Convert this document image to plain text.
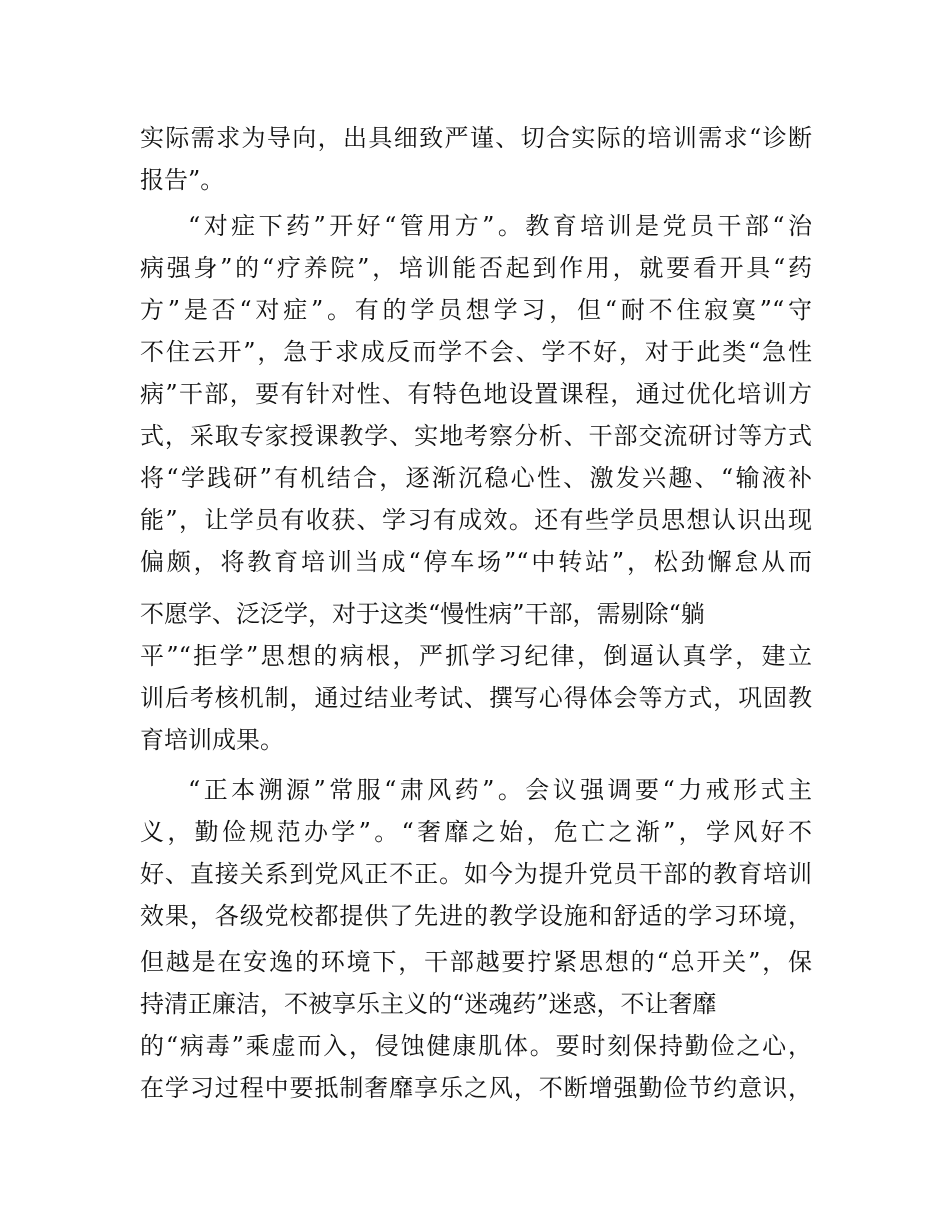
实际需求为导向，出具细致严谨、切合实际的培训需求“诊断
报告”。
“对症下药”开好“管用方”。教育培训是党员干部“治
病强身”的“疗养院”，培训能否起到作用，就要看开具“药
方”是否“对症”。有的学员想学习，但“耐不住寂寞”“守
不住云开”，急于求成反而学不会、学不好，对于此类“急性
病”干部，要有针对性、有特色地设置课程，通过优化培训方
式，采取专家授课教学、实地考察分析、干部交流研讨等方式
将“学践研”有机结合，逐渐沉稳心性、激发兴趣、“输液补
能”，让学员有收获、学习有成效。还有些学员思想认识出现
偏颇，将教育培训当成“停车场”“中转站”，松劲懈怠从而
不愿学、泛泛学，对于这类“慢性病”干部，需剔除“躺
平”“拒学”思想的病根，严抓学习纪律，倒逼认真学，建立
训后考核机制，通过结业考试、撰写心得体会等方式，巩固教
育培训成果。
“正本溯源”常服“肃风药”。会议强调要“力戒形式主
义，勤俭规范办学”。“奢靡之始，危亡之渐”，学风好不
好、直接关系到党风正不正。如今为提升党员干部的教育培训
效果，各级党校都提供了先进的教学设施和舒适的学习环境，
但越是在安逸的环境下，干部越要拧紧思想的“总开关”，保
持清正廉洁，不被享乐主义的“迷魂药”迷惑，不让奢靡
的“病毒”乘虚而入，侵蚀健康肌体。要时刻保持勤俭之心，
在学习过程中要抵制奢靡享乐之风，不断增强勤俭节约意识，
